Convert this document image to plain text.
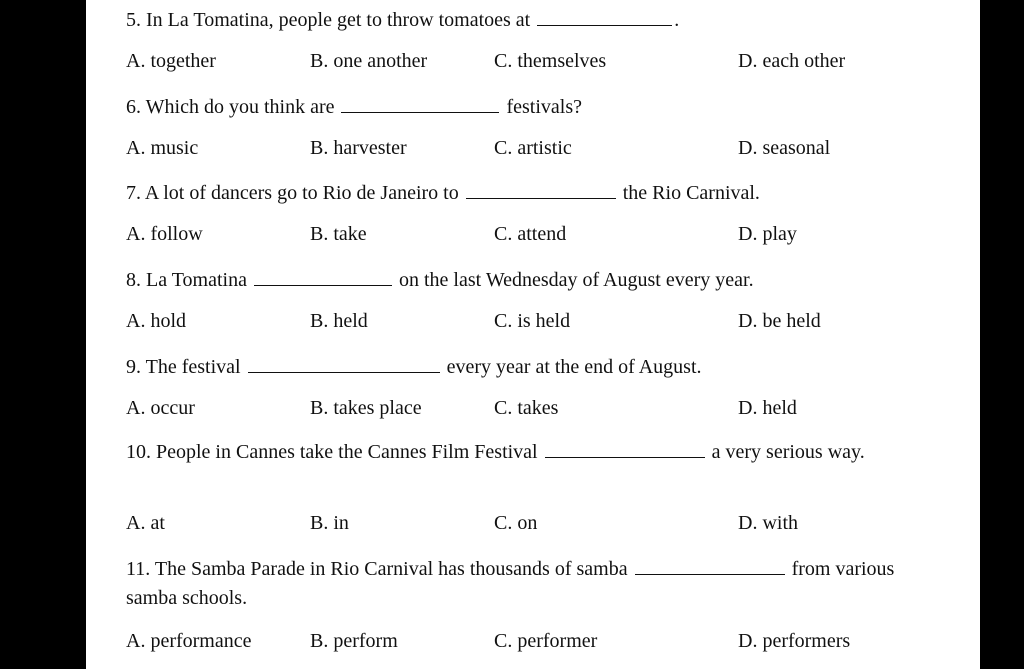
5. In La Tomatina, people get to throw tomatoes at	.
A. together	B. one another	C. themselves	D. each other
6. Which do you think are	festivals?
A. music	B. harvester	C. artistic	D. seasonal
7. A lot of dancers go to Rio de Janeiro to	the Rio Carnival.
A. follow	B. take	C. attend	D. play
8. La Tomatina	on the last Wednesday of August every year.
A. hold	B. held	C. is held	D. be held
9. The festival	every year at the end of August.
A. occur	B. takes place	C. takes	D. held
10. People in Cannes take the Cannes Film Festival	a very serious way.
A. at	B. in	C. on	D. with
11. The Samba Parade in Rio Carnival has thousands of samba	from various samba schools.
A. performance	B. perform	C. performer	D. performers
